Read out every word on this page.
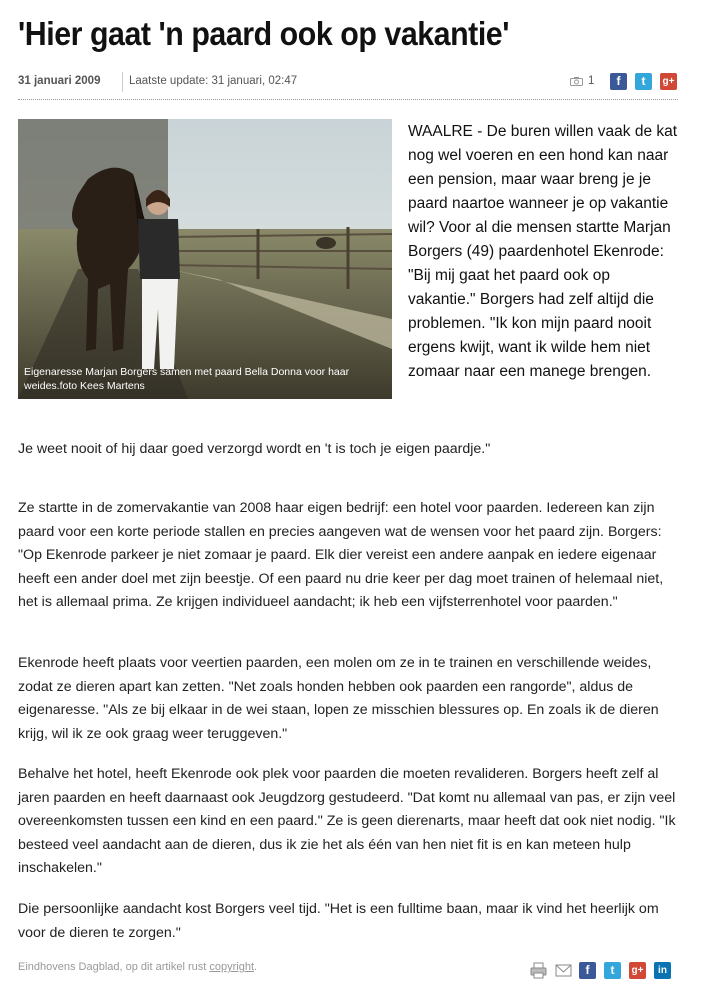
'Hier gaat 'n paard ook op vakantie'
31 januari 2009 Laatste update: 31 januari, 02:47	1	f	t	g+
Eigenaresse Marjan Borgers samen met paard Bella Donna voor haar weides.foto Kees Martens
WAALRE - De buren willen vaak de kat nog wel voeren en een hond kan naar een pension, maar waar breng je je paard naartoe wanneer je op vakantie wil? Voor al die mensen startte Marjan Borgers (49) paardenhotel Ekenrode: "Bij mij gaat het paard ook op vakantie." Borgers had zelf altijd die problemen. "Ik kon mijn paard nooit ergens kwijt, want ik wilde hem niet zomaar naar een manege brengen.

Je weet nooit of hij daar goed verzorgd wordt en 't is toch je eigen paardje."

Ze startte in de zomervakantie van 2008 haar eigen bedrijf: een hotel voor paarden. Iedereen kan zijn paard voor een korte periode stallen en precies aangeven wat de wensen voor het paard zijn. Borgers: "Op Ekenrode parkeer je niet zomaar je paard. Elk dier vereist een andere aanpak en iedere eigenaar heeft een ander doel met zijn beestje. Of een paard nu drie keer per dag moet trainen of helemaal niet, het is allemaal prima. Ze krijgen individueel aandacht; ik heb een vijfsterrenhotel voor paarden."

Ekenrode heeft plaats voor veertien paarden, een molen om ze in te trainen en verschillende weides, zodat ze dieren apart kan zetten. "Net zoals honden hebben ook paarden een rangorde", aldus de eigenaresse. "Als ze bij elkaar in de wei staan, lopen ze misschien blessures op. En zoals ik de dieren krijg, wil ik ze ook graag weer teruggeven."

Behalve het hotel, heeft Ekenrode ook plek voor paarden die moeten revalideren. Borgers heeft zelf al jaren paarden en heeft daarnaast ook Jeugdzorg gestudeerd. "Dat komt nu allemaal van pas, er zijn veel overeenkomsten tussen een kind en een paard." Ze is geen dierenarts, maar heeft dat ook niet nodig. "Ik besteed veel aandacht aan de dieren, dus ik zie het als één van hen niet fit is en kan meteen hulp inschakelen."

Die persoonlijke aandacht kost Borgers veel tijd. "Het is een fulltime baan, maar ik vind het heerlijk om voor de dieren te zorgen."

Eindhovens Dagblad, op dit artikel rust copyright.	f	t	g+	in
